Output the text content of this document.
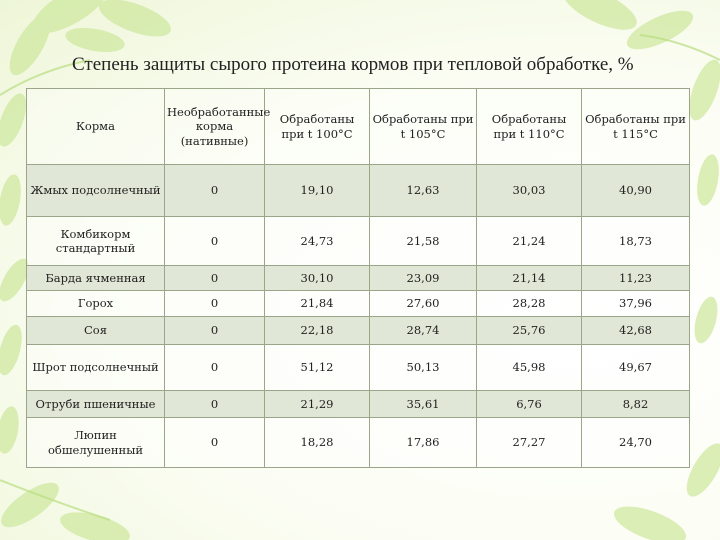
Степень защиты сырого протеина кормов при тепловой обработке, %
Корма	Необработанные корма (нативные)	Обработаны при t 100°C	Обработаны при t 105°C	Обработаны при t 110°C	Обработаны при t 115°C
Жмых подсолнечный	0	19,10	12,63	30,03	40,90
Комбикорм стандартный	0	24,73	21,58	21,24	18,73
Барда ячменная	0	30,10	23,09	21,14	11,23
Горох	0	21,84	27,60	28,28	37,96
Соя	0	22,18	28,74	25,76	42,68
Шрот подсолнечный	0	51,12	50,13	45,98	49,67
Отруби пшеничные	0	21,29	35,61	6,76	8,82
Люпин обшелушенный	0	18,28	17,86	27,27	24,70
